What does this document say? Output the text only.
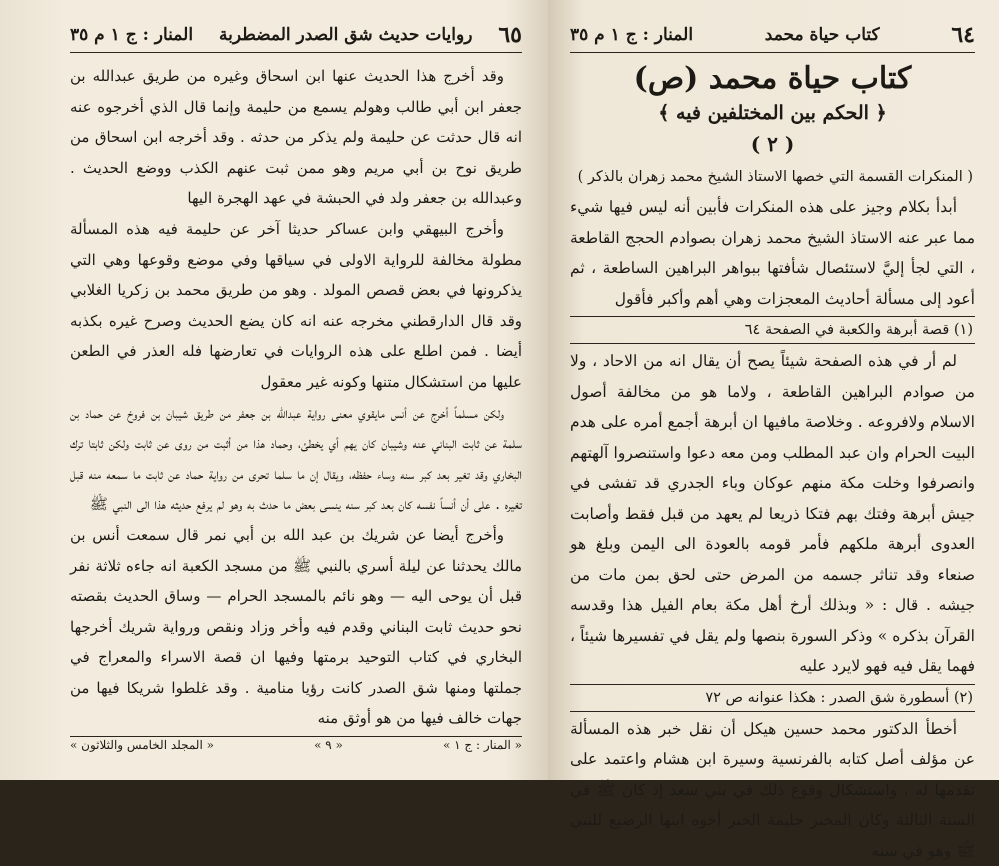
٦٥
روايات حديث شق الصدر المضطربة
المنار : ج ١ م ٣٥

وقد أخرج هذا الحديث عنها ابن اسحاق وغيره من طريق عبدالله بن جعفر ابن أبي طالب وهولم يسمع من حليمة وإنما قال الذي أخرجوه عنه انه قال حدثت عن حليمة ولم يذكر من حدثه . وقد أخرجه ابن اسحاق من طريق نوح بن أبي مريم وهو ممن ثبت عنهم الكذب ووضع الحديث . وعبدالله بن جعفر ولد في الحبشة في عهد الهجرة اليها

وأخرج البيهقي وابن عساكر حديثا آخر عن حليمة فيه هذه المسألة مطولة مخالفة للرواية الاولى في سياقها وفي موضع وقوعها وهي التي يذكرونها في بعض قصص المولد . وهو من طريق محمد بن زكريا الغلابي وقد قال الدارقطني مخرجه عنه انه كان يضع الحديث وصرح غيره بكذبه أيضا . فمن اطلع على هذه الروايات في تعارضها فله العذر في الطعن عليها من استشكال متنها وكونه غير معقول

ولكن مسلماً أخرج عن أنس مايقوي معنى رواية عبدالله بن جعفر من طريق شيبان بن فروخ عن حماد بن سلمة عن ثابت البناني عنه وشيبان كان يهم أي يخطئ، وحماد هذا من أثبت من روى عن ثابت ولكن ثابتا ترك البخاري وقد تغير بعد كبر سنه وساء حفظه، ويقال إن ما سلما تحرى من رواية حماد عن ثابت ما سمعه منه قبل تغيره . على أن أنساً نفسه كان بعد كبر سنه ينسى بعض ما حدث به وهو لم يرفع حديثه هذا الى النبي ﷺ

وأخرج أيضا عن شريك بن عبد الله بن أبي نمر قال سمعت أنس بن مالك يحدثنا عن ليلة أسري بالنبي ﷺ من مسجد الكعبة انه جاءه ثلاثة نفر قبل أن يوحى اليه — وهو نائم بالمسجد الحرام — وساق الحديث بقصته نحو حديث ثابت البناني وقدم فيه وأخر وزاد ونقص ورواية شريك أخرجها البخاري في كتاب التوحيد برمتها وفيها ان قصة الاسراء والمعراج في جملتها ومنها شق الصدر كانت رؤيا منامية . وقد غلطوا شريكا فيها من جهات خالف فيها من هو أوثق منه

« المنار : ج ١ »
« ٩ »
« المجلد الخامس والثلاثون »
٦٤
كتاب حياة محمد
المنار : ج ١ م ٣٥
كتاب حياة محمد (ص)
﴿ الحكم بين المختلفين فيه ﴾
( ٢ )
( المنكرات القسمة التي خصها الاستاذ الشيخ محمد زهران بالذكر )

أبدأ بكلام وجيز على هذه المنكرات فأبين أنه ليس فيها شيء مما عبر عنه الاستاذ الشيخ محمد زهران بصوادم الحجج القاطعة ، التي لجأ إليَّ لاستئصال شأفتها ببواهر البراهين الساطعة ، ثم أعود إلى مسألة أحاديث المعجزات وهي أهم وأكبر فأقول

(١) قصة أبرهة والكعبة في الصفحة ٦٤

لم أر في هذه الصفحة شيئاً يصح أن يقال انه من الاحاد ، ولا من صوادم البراهين القاطعة ، ولاما هو من مخالفة أصول الاسلام ولافروعه . وخلاصة مافيها ان أبرهة أجمع أمره على هدم البيت الحرام وان عبد المطلب ومن معه دعوا واستنصروا آلهتهم وانصرفوا وخلت مكة منهم عوكان وباء الجدري قد تفشى في جيش أبرهة وفتك بهم فتكا ذريعا لم يعهد من قبل فقط وأصابت العدوى أبرهة ملكهم فأمر قومه بالعودة الى اليمن وبلغ هو صنعاء وقد تناثر جسمه من المرض حتى لحق بمن مات من جيشه . قال : « وبذلك أرخ أهل مكة بعام الفيل هذا وقدسه القرآن بذكره » وذكر السورة بنصها ولم يقل في تفسيرها شيئاً ، فهما يقل فيه فهو لايرد عليه

(٢) أسطورة شق الصدر : هكذا عنوانه ص ٧٢

أخطأ الدكتور محمد حسين هيكل أن نقل خبر هذه المسألة عن مؤلف أصل كتابه بالفرنسية وسيرة ابن هشام واعتمد على تقدمها له ، واستشكال وقوع ذلك في بني سعد إذ كان ﷺ في السنة الثالثة وكان المخبر حليمة الخبر أخوه ابنها الرضيع للنبي ﷺ وهو في سنه
